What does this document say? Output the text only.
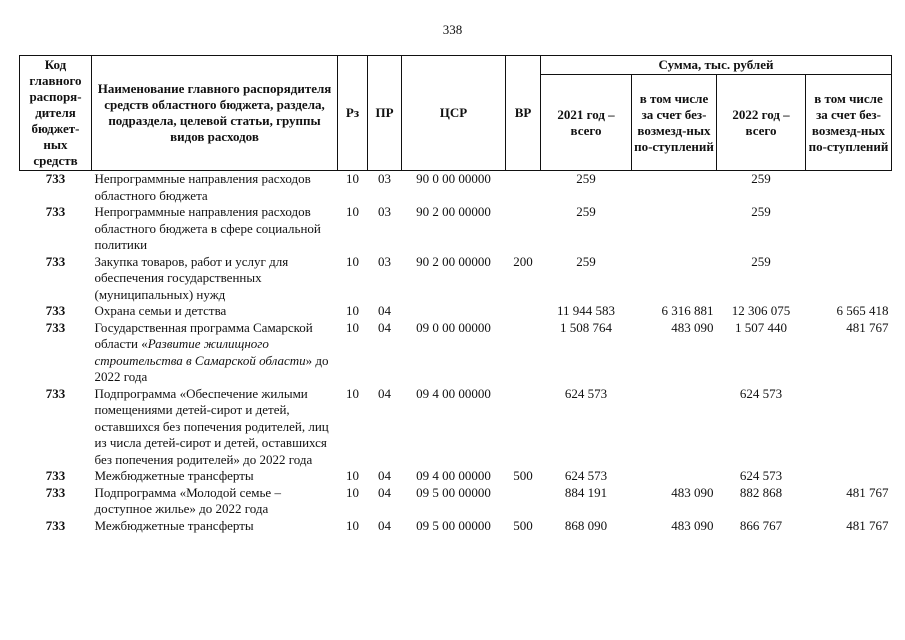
338
Код главного распоря-дителя бюджет-ных средств	Наименование главного распорядителя средств областного бюджета, раздела, подраздела, целевой статьи, группы видов расходов	Рз	ПР	ЦСР	ВР	Сумма, тыс. рублей			
						2021 год – всего	в том числе за счет без-возмезд-ных по-ступлений	2022 год – всего	в том числе за счет без-возмезд-ных по-ступлений
733	Непрограммные направления расходов областного бюджета	10	03	90 0 00 00000		259		259	
733	Непрограммные направления расходов областного бюджета в сфере социальной политики	10	03	90 2 00 00000		259		259	
733	Закупка товаров, работ и услуг для обеспечения государственных (муниципальных) нужд	10	03	90 2 00 00000	200	259		259	
733	Охрана семьи и детства	10	04			11 944 583	6 316 881	12 306 075	6 565 418
733	Государственная программа Самарской области «Развитие жилищного строительства в Самарской области» до 2022 года	10	04	09 0 00 00000		1 508 764	483 090	1 507 440	481 767
733	Подпрограмма «Обеспечение жилыми помещениями детей-сирот и детей, оставшихся без попечения родителей, лиц из числа детей-сирот и детей, оставшихся без попечения родителей» до 2022 года	10	04	09 4 00 00000		624 573		624 573	
733	Межбюджетные трансферты	10	04	09 4 00 00000	500	624 573		624 573	
733	Подпрограмма «Молодой семье – доступное жилье» до 2022 года	10	04	09 5 00 00000		884 191	483 090	882 868	481 767
733	Межбюджетные трансферты	10	04	09 5 00 00000	500	868 090	483 090	866 767	481 767
